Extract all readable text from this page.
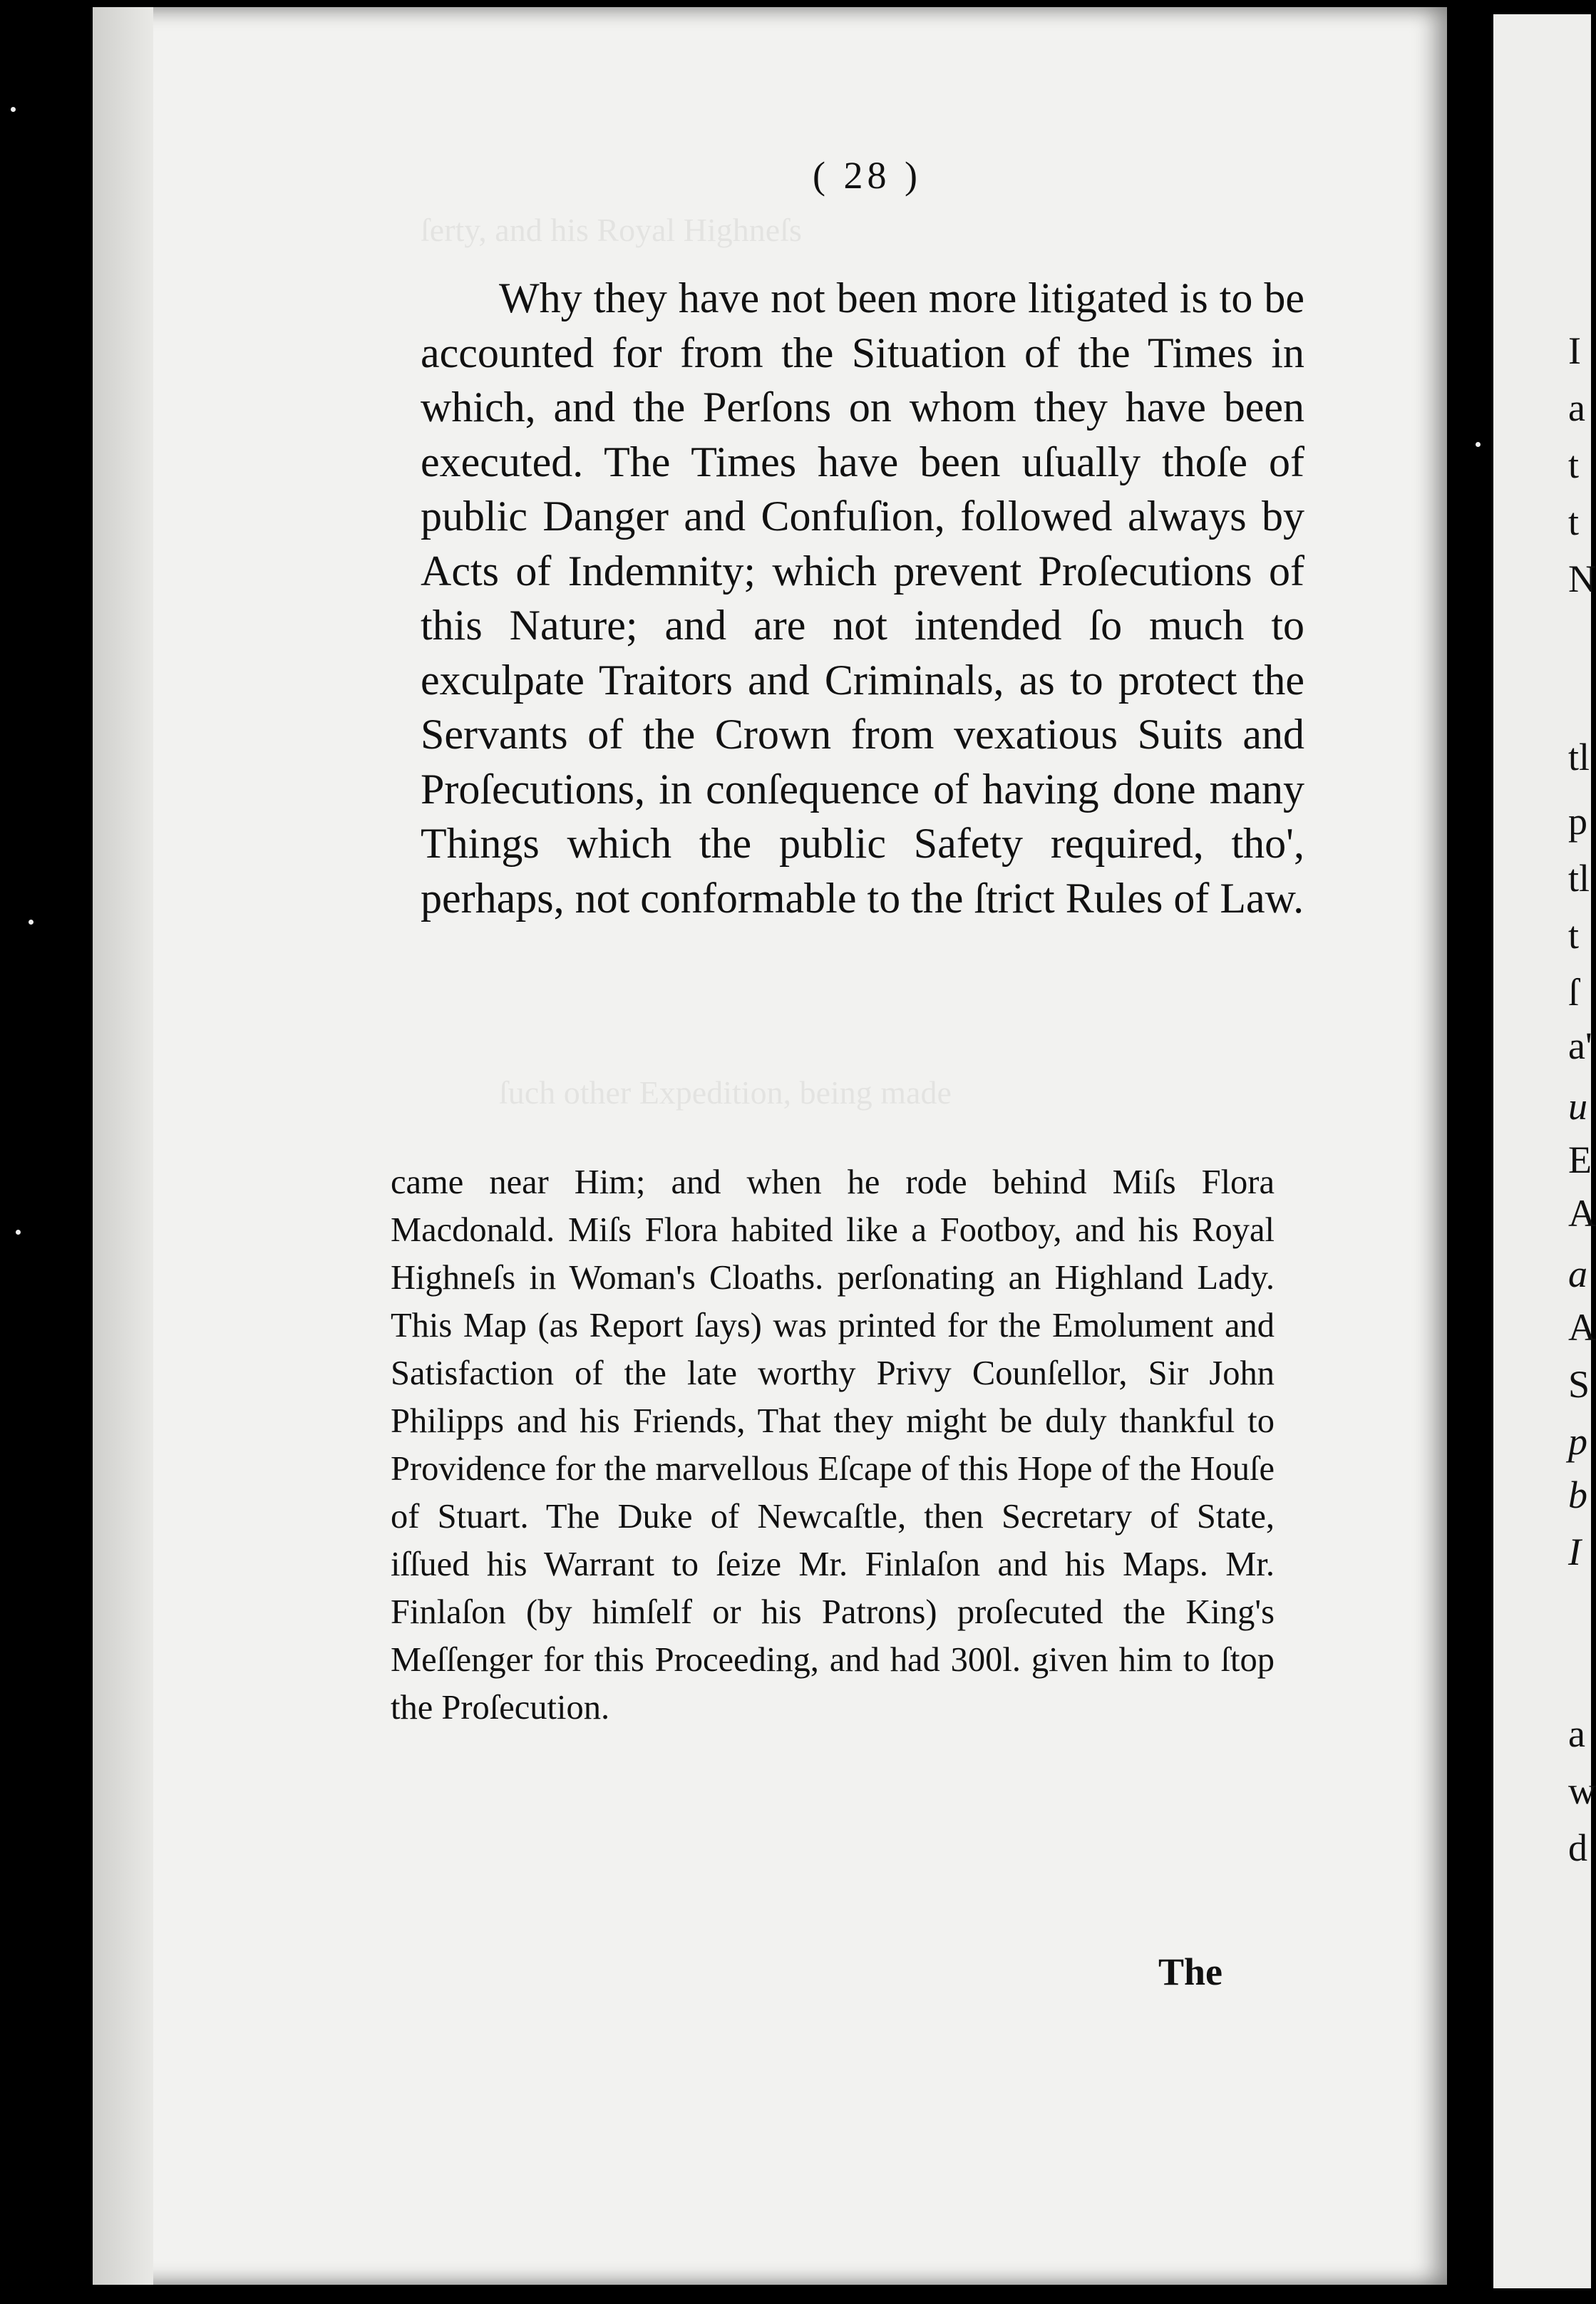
I
a
t
t
N
tl
p
tl
t
ſ
a'
u
E
A
a
A
S
p
b
I
a
w
d
ſerty, and his Royal Highneſs
ſuch other Expedition, being made
( 28 )

Why they have not been more litigated is to be accounted for from the Situation of the Times in which, and the Perſons on whom they have been executed. The Times have been uſually thoſe of public Danger and Confuſion, followed always by Acts of Indemnity; which prevent Proſecutions of this Nature; and are not intended ſo much to exculpate Traitors and Criminals, as to protect the Servants of the Crown from vexatious Suits and Proſecutions, in conſequence of having done many Things which the public Safety required, tho', perhaps, not conformable to the ſtrict Rules of Law.

came near Him; and when he rode behind Miſs Flora Macdonald. Miſs Flora habited like a Footboy, and his Royal Highneſs in Woman's Cloaths. perſonating an Highland Lady. This Map (as Report ſays) was printed for the Emolument and Satisfaction of the late worthy Privy Counſellor, Sir John Philipps and his Friends, That they might be duly thankful to Providence for the marvellous Eſcape of this Hope of the Houſe of Stuart. The Duke of Newcaſtle, then Secretary of State, iſſued his Warrant to ſeize Mr. Finlaſon and his Maps. Mr. Finlaſon (by himſelf or his Patrons) proſecuted the King's Meſſenger for this Proceeding, and had 300l. given him to ſtop the Proſecution.

The
